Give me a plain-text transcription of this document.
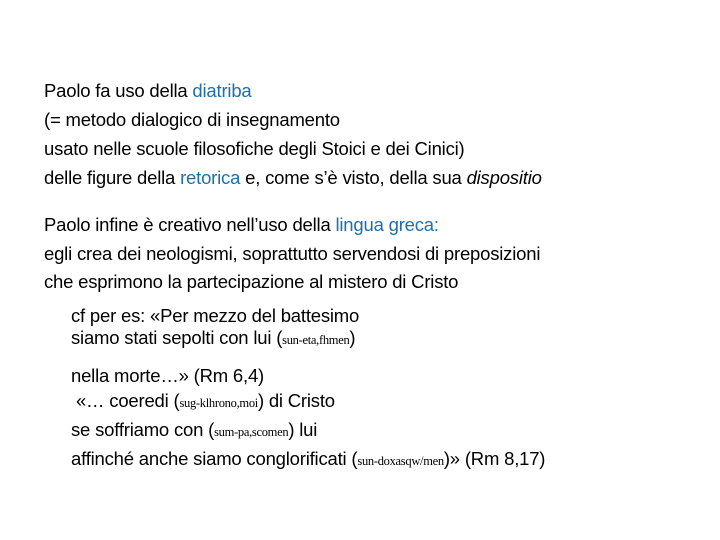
Paolo fa uso della diatriba
(= metodo dialogico di insegnamento
usato nelle scuole filosofiche degli Stoici e dei Cinici)
delle figure della retorica e, come s’è visto, della sua dispositio
Paolo infine è creativo nell’uso della lingua greca:
egli crea dei neologismi, soprattutto servendosi di preposizioni
che esprimono la partecipazione al mistero di Cristo
cf per es: «Per mezzo del battesimo
siamo stati sepolti con lui (sun-eta,fhmen)
nella morte…» (Rm 6,4)
«… coeredi (sug-klhrono,moi) di Cristo
se soffriamo con (sum-pa,scomen) lui
affinché anche siamo conglorificati (sun-doxasqw/men)» (Rm 8,17)
